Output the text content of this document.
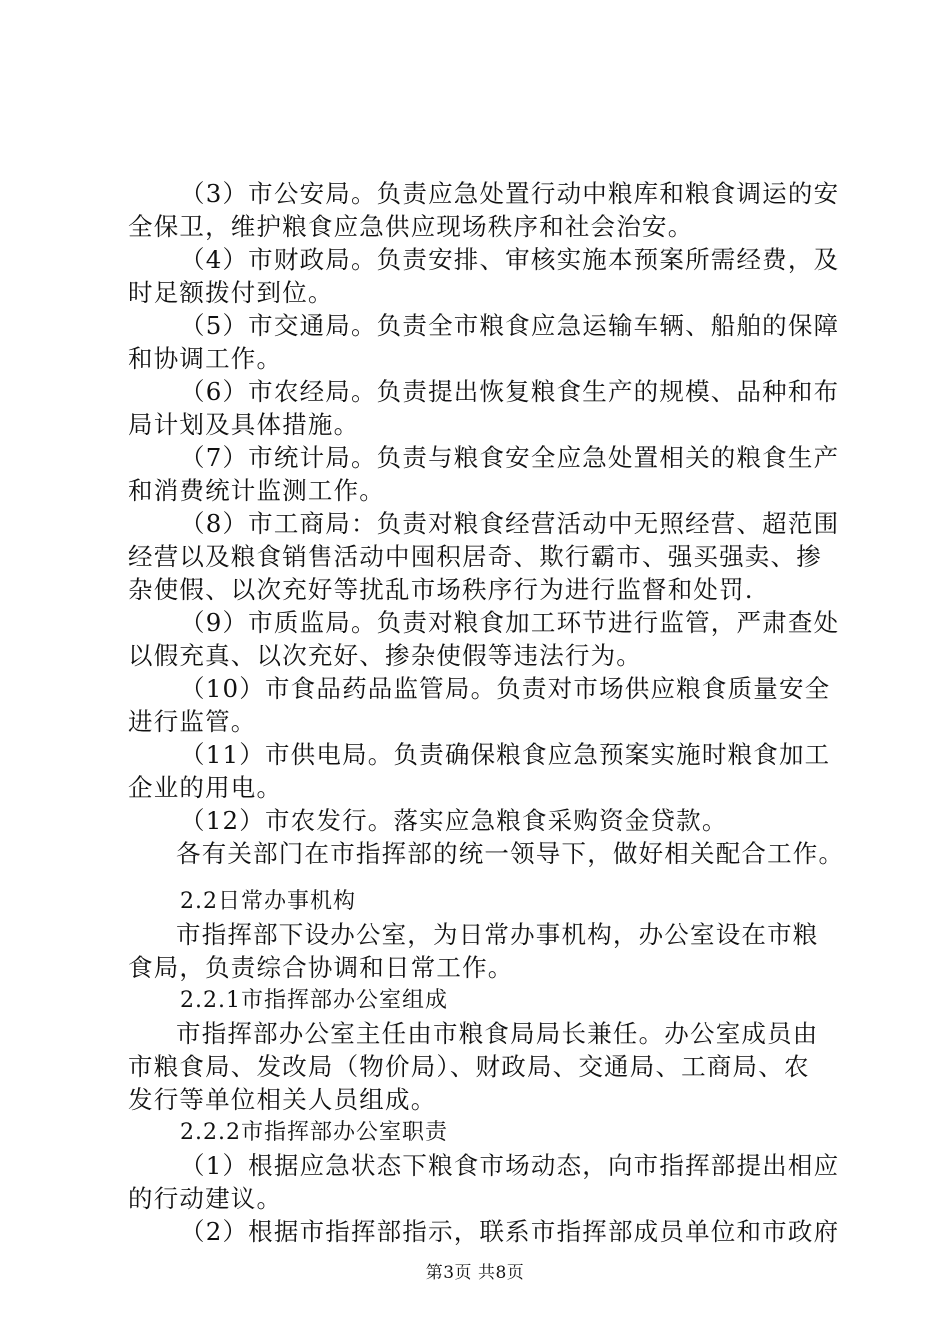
（3）市公安局。负责应急处置行动中粮库和粮食调运的安
全保卫，维护粮食应急供应现场秩序和社会治安。
（4）市财政局。负责安排、审核实施本预案所需经费，及
时足额拨付到位。
（5）市交通局。负责全市粮食应急运输车辆、船舶的保障
和协调工作。
（6）市农经局。负责提出恢复粮食生产的规模、品种和布
局计划及具体措施。
（7）市统计局。负责与粮食安全应急处置相关的粮食生产
和消费统计监测工作。
（8）市工商局：负责对粮食经营活动中无照经营、超范围
经营以及粮食销售活动中囤积居奇、欺行霸市、强买强卖、掺
杂使假、以次充好等扰乱市场秩序行为进行监督和处罚.
（9）市质监局。负责对粮食加工环节进行监管，严肃查处
以假充真、以次充好、掺杂使假等违法行为。
（10）市食品药品监管局。负责对市场供应粮食质量安全
进行监管。
（11）市供电局。负责确保粮食应急预案实施时粮食加工
企业的用电。
（12）市农发行。落实应急粮食采购资金贷款。
各有关部门在市指挥部的统一领导下，做好相关配合工作。
2.2日常办事机构
市指挥部下设办公室，为日常办事机构，办公室设在市粮
食局，负责综合协调和日常工作。
2.2.1市指挥部办公室组成
市指挥部办公室主任由市粮食局局长兼任。办公室成员由
市粮食局、发改局（物价局）、财政局、交通局、工商局、农
发行等单位相关人员组成。
2.2.2市指挥部办公室职责
（1）根据应急状态下粮食市场动态，向市指挥部提出相应
的行动建议。
（2）根据市指挥部指示，联系市指挥部成员单位和市政府
第3页 共8页
